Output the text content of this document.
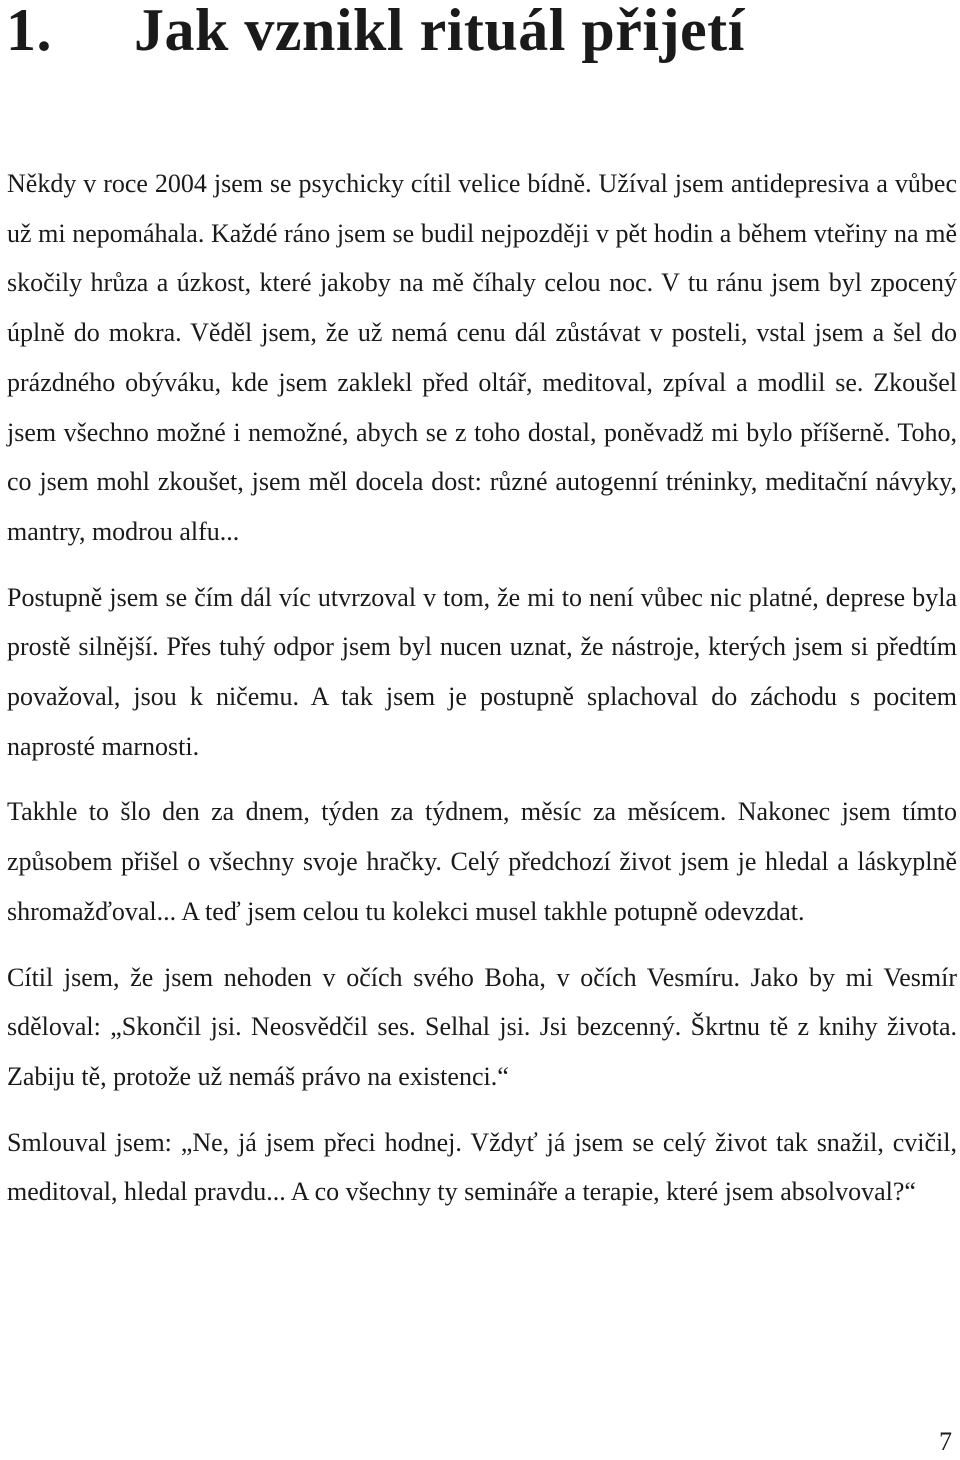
1. Jak vznikl rituál přijetí

Někdy v roce 2004 jsem se psychicky cítil velice bídně. Užíval jsem antidepresiva a vůbec už mi nepomáhala. Každé ráno jsem se budil nejpozději v pět hodin a během vteřiny na mě skočily hrůza a úzkost, které jakoby na mě číhaly celou noc. V tu ránu jsem byl zpocený úplně do mokra. Věděl jsem, že už nemá cenu dál zůstávat v posteli, vstal jsem a šel do prázdného obýváku, kde jsem zaklekl před oltář, meditoval, zpíval a modlil se. Zkoušel jsem všechno možné i nemožné, abych se z toho dostal, poněvadž mi bylo příšerně. Toho, co jsem mohl zkoušet, jsem měl docela dost: různé autogenní tréninky, meditační návyky, mantry, modrou alfu...

Postupně jsem se čím dál víc utvrzoval v tom, že mi to není vůbec nic platné, deprese byla prostě silnější. Přes tuhý odpor jsem byl nucen uznat, že nástroje, kterých jsem si předtím považoval, jsou k ničemu. A tak jsem je postupně splachoval do záchodu s pocitem naprosté marnosti.

Takhle to šlo den za dnem, týden za týdnem, měsíc za měsícem. Nakonec jsem tímto způsobem přišel o všechny svoje hračky. Celý předchozí život jsem je hledal a láskyplně shromažďoval... A teď jsem celou tu kolekci musel takhle potupně odevzdat.

Cítil jsem, že jsem nehoden v očích svého Boha, v očích Vesmíru. Jako by mi Vesmír sděloval: „Skončil jsi. Neosvědčil ses. Selhal jsi. Jsi bezcenný. Škrtnu tě z knihy života. Zabiju tě, protože už nemáš právo na existenci.“

Smlouval jsem: „Ne, já jsem přeci hodnej. Vždyť já jsem se celý život tak snažil, cvičil, meditoval, hledal pravdu... A co všechny ty semináře a terapie, které jsem absolvoval?“

7
